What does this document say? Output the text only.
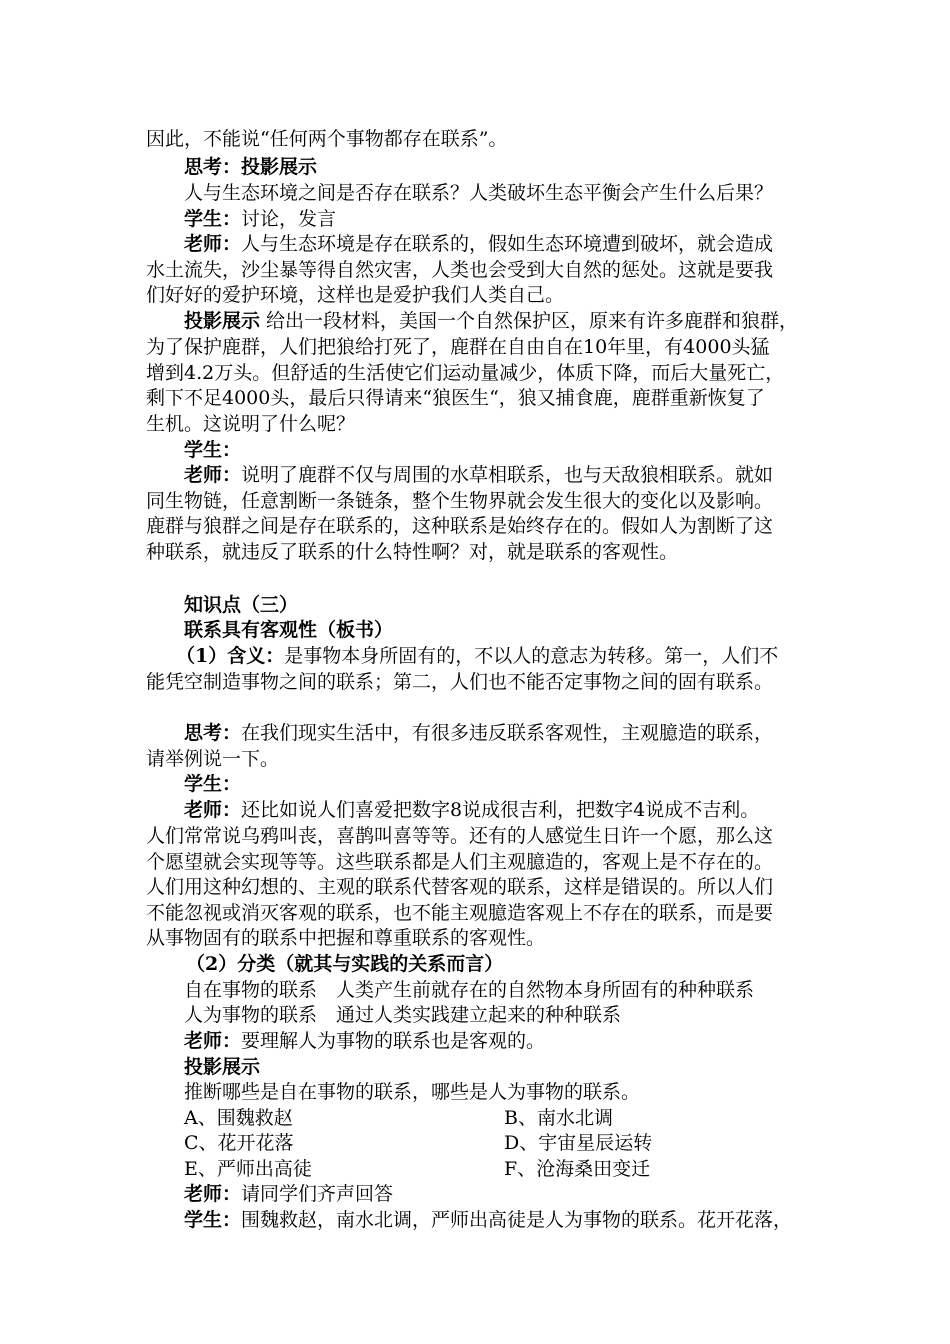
因此，不能说“任何两个事物都存在联系”。
思考：投影展示
人与生态环境之间是否存在联系？人类破坏生态平衡会产生什么后果？
学生：讨论，发言
老师：人与生态环境是存在联系的，假如生态环境遭到破坏，就会造成
水土流失，沙尘暴等得自然灾害，人类也会受到大自然的惩处。这就是要我
们好好的爱护环境，这样也是爱护我们人类自己。
投影展示 给出一段材料，美国一个自然保护区，原来有许多鹿群和狼群，
为了保护鹿群，人们把狼给打死了，鹿群在自由自在10年里，有4000头猛
增到4.2万头。但舒适的生活使它们运动量减少，体质下降，而后大量死亡，
剩下不足4000头，最后只得请来“狼医生“，狼又捕食鹿，鹿群重新恢复了
生机。这说明了什么呢？
学生：
老师：说明了鹿群不仅与周围的水草相联系，也与天敌狼相联系。就如
同生物链，任意割断一条链条，整个生物界就会发生很大的变化以及影响。
鹿群与狼群之间是存在联系的，这种联系是始终存在的。假如人为割断了这
种联系，就违反了联系的什么特性啊？对，就是联系的客观性。
知识点（三）
联系具有客观性（板书）
（1）含义：是事物本身所固有的，不以人的意志为转移。第一，人们不
能凭空制造事物之间的联系；第二，人们也不能否定事物之间的固有联系。
思考：在我们现实生活中，有很多违反联系客观性，主观臆造的联系，
请举例说一下。
学生：
老师：还比如说人们喜爱把数字8说成很吉利，把数字4说成不吉利。
人们常常说乌鸦叫丧，喜鹊叫喜等等。还有的人感觉生日许一个愿，那么这
个愿望就会实现等等。这些联系都是人们主观臆造的，客观上是不存在的。
人们用这种幻想的、主观的联系代替客观的联系，这样是错误的。所以人们
不能忽视或消灭客观的联系，也不能主观臆造客观上不存在的联系，而是要
从事物固有的联系中把握和尊重联系的客观性。
（2）分类（就其与实践的关系而言）
自在事物的联系　人类产生前就存在的自然物本身所固有的种种联系
人为事物的联系　通过人类实践建立起来的种种联系
老师：要理解人为事物的联系也是客观的。
投影展示
推断哪些是自在事物的联系，哪些是人为事物的联系。
A、围魏救赵	B、南水北调
C、花开花落	D、宇宙星辰运转
E、严师出高徒	F、沧海桑田变迁
老师：请同学们齐声回答
学生：围魏救赵，南水北调，严师出高徒是人为事物的联系。花开花落，
